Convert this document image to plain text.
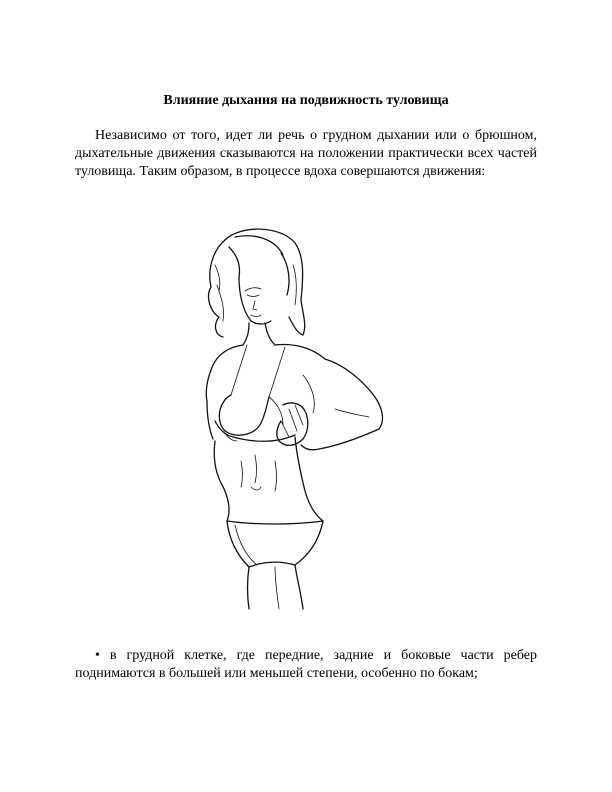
Влияние дыхания на подвижность туловища

Независимо от того, идет ли речь о грудном дыхании или о брюшном, дыхательные движения сказываются на положении практически всех частей туловища. Таким образом, в процессе вдоха совершаются движения:

• в грудной клетке, где передние, задние и боковые части ребер поднимаются в большей или меньшей степени, особенно по бокам;
